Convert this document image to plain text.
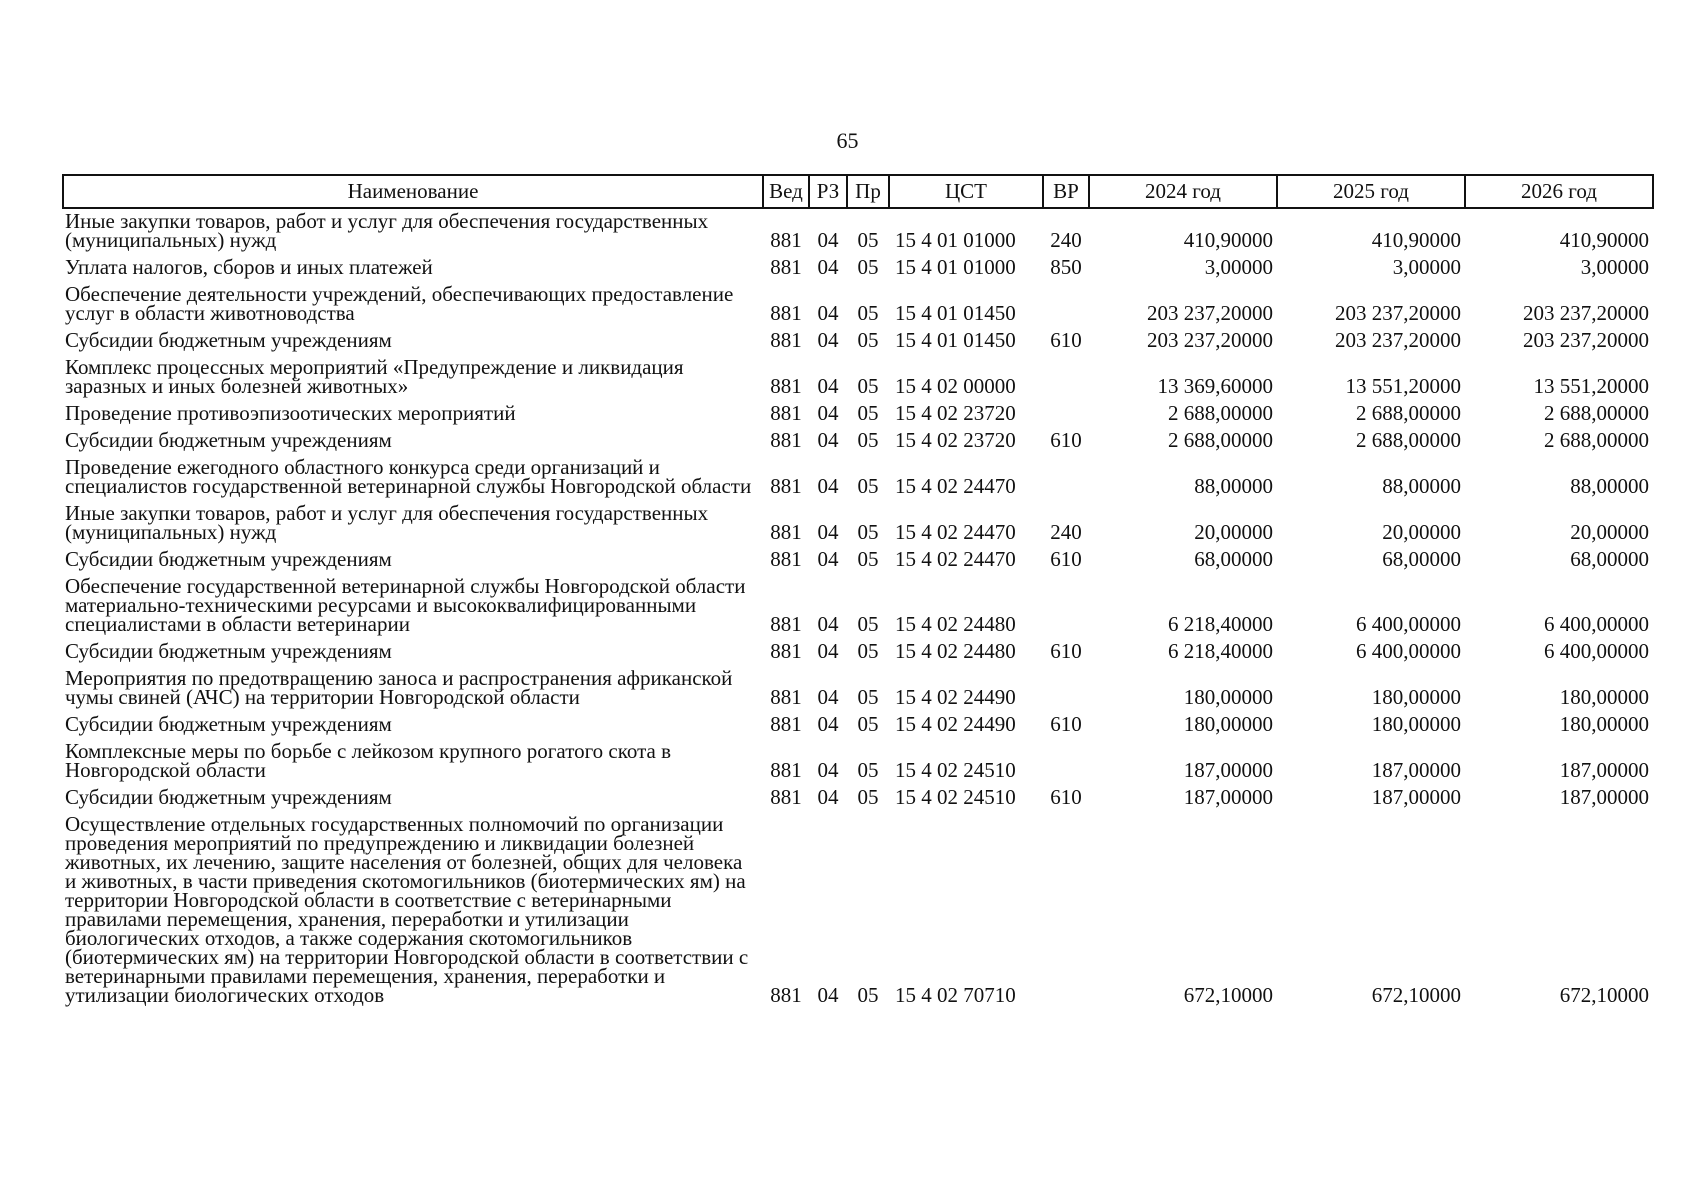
65
Наименование	Вед	РЗ	Пр	ЦСТ	ВР	2024 год	2025 год	2026 год
Иные закупки товаров, работ и услуг для обеспечения государственных (муниципальных) нужд	881	04	05	15 4 01 01000	240	410,90000	410,90000	410,90000
Уплата налогов, сборов и иных платежей	881	04	05	15 4 01 01000	850	3,00000	3,00000	3,00000
Обеспечение деятельности учреждений, обеспечивающих предоставление услуг в области животноводства	881	04	05	15 4 01 01450		203 237,20000	203 237,20000	203 237,20000
Субсидии бюджетным учреждениям	881	04	05	15 4 01 01450	610	203 237,20000	203 237,20000	203 237,20000
Комплекс процессных мероприятий «Предупреждение и ликвидация заразных и иных болезней животных»	881	04	05	15 4 02 00000		13 369,60000	13 551,20000	13 551,20000
Проведение противоэпизоотических мероприятий	881	04	05	15 4 02 23720		2 688,00000	2 688,00000	2 688,00000
Субсидии бюджетным учреждениям	881	04	05	15 4 02 23720	610	2 688,00000	2 688,00000	2 688,00000
Проведение ежегодного областного конкурса среди организаций и специалистов государственной ветеринарной службы Новгородской области	881	04	05	15 4 02 24470		88,00000	88,00000	88,00000
Иные закупки товаров, работ и услуг для обеспечения государственных (муниципальных) нужд	881	04	05	15 4 02 24470	240	20,00000	20,00000	20,00000
Субсидии бюджетным учреждениям	881	04	05	15 4 02 24470	610	68,00000	68,00000	68,00000
Обеспечение государственной ветеринарной службы Новгородской области материально-техническими ресурсами и высококвалифицированными специалистами в области ветеринарии	881	04	05	15 4 02 24480		6 218,40000	6 400,00000	6 400,00000
Субсидии бюджетным учреждениям	881	04	05	15 4 02 24480	610	6 218,40000	6 400,00000	6 400,00000
Мероприятия по предотвращению заноса и распространения африканской чумы свиней (АЧС) на территории Новгородской области	881	04	05	15 4 02 24490		180,00000	180,00000	180,00000
Субсидии бюджетным учреждениям	881	04	05	15 4 02 24490	610	180,00000	180,00000	180,00000
Комплексные меры по борьбе с лейкозом крупного рогатого скота в Новгородской области	881	04	05	15 4 02 24510		187,00000	187,00000	187,00000
Субсидии бюджетным учреждениям	881	04	05	15 4 02 24510	610	187,00000	187,00000	187,00000
Осуществление отдельных государственных полномочий по организации проведения мероприятий по предупреждению и ликвидации болезней животных, их лечению, защите населения от болезней, общих для человека и животных, в части приведения скотомогильников (биотермических ям) на территории Новгородской области в соответствие с ветеринарными правилами перемещения, хранения, переработки и утилизации биологических отходов, а также содержания скотомогильников (биотермических ям) на территории Новгородской области в соответствии с ветеринарными правилами перемещения, хранения, переработки и утилизации биологических отходов	881	04	05	15 4 02 70710		672,10000	672,10000	672,10000
